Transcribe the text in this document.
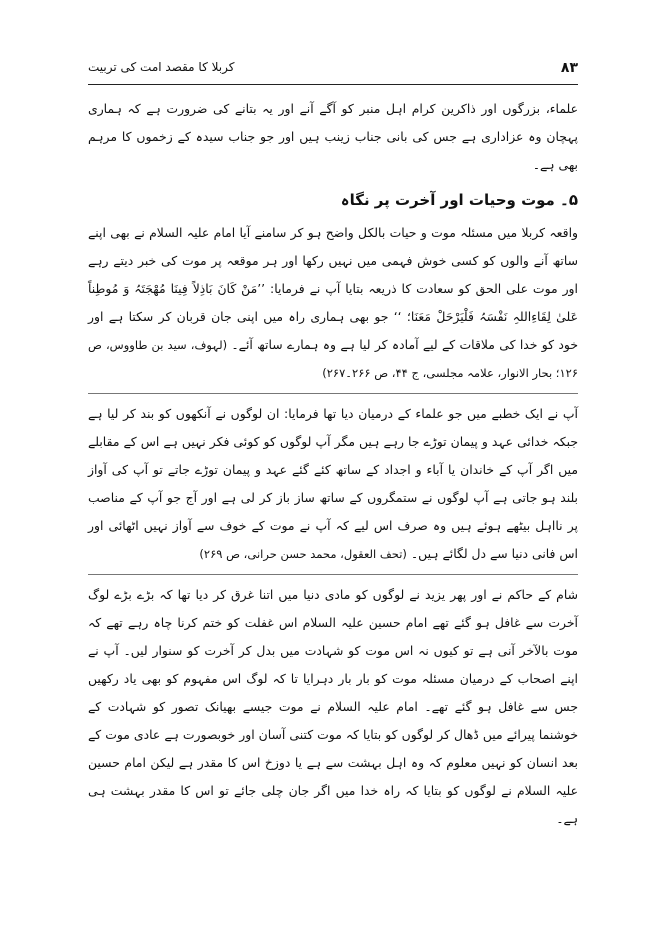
۸۳
کربلا کا مقصد امت کی تربیت

علماء، بزرگوں اور ذاکرین کرام اہل منبر کو آگے آنے اور یہ بتانے کی ضرورت ہے کہ ہماری پہچان وہ عزاداری ہے جس کی بانی جناب زینب ہیں اور جو جناب سیدہ کے زخموں کا مرہم بھی ہے۔

۵۔ موت وحیات اور آخرت پر نگاہ

واقعہ کربلا میں مسئلہ موت و حیات بالکل واضح ہو کر سامنے آیا امام علیہ السلام نے بھی اپنے ساتھ آنے والوں کو کسی خوش فہمی میں نہیں رکھا اور ہر موقعہ پر موت کی خبر دیتے رہے اور موت علی الحق کو سعادت کا ذریعہ بتایا آپ نے فرمایا: ’’مَنْ کَانَ بَاذِلاً فِینَا مُھْجَتَہُ وَ مُوطِناً عَلیٰ لِقَاءِاللہِ نَفْسَہُ فَلْیَرْحَلْ مَعَنَا؛ ‘‘ جو بھی ہماری راہ میں اپنی جان قربان کر سکتا ہے اور خود کو خدا کی ملاقات کے لیے آمادہ کر لیا ہے وہ ہمارے ساتھ آئے۔ (لہوف، سید بن طاووس، ص ۱۲۶؛ بحار الانوار، علامہ مجلسی، ج ۴۴، ص ۲۶۶۔۲۶۷)

آپ نے ایک خطبے میں جو علماء کے درمیان دیا تھا فرمایا: ان لوگوں نے آنکھوں کو بند کر لیا ہے جبکہ خدائی عہد و پیمان توڑے جا رہے ہیں مگر آپ لوگوں کو کوئی فکر نہیں ہے اس کے مقابلے میں اگر آپ کے خاندان یا آباء و اجداد کے ساتھ کئے گئے عہد و پیمان توڑے جاتے تو آپ کی آواز بلند ہو جاتی ہے آپ لوگوں نے ستمگروں کے ساتھ ساز باز کر لی ہے اور آج جو آپ کے مناصب پر نااہل بیٹھے ہوئے ہیں وہ صرف اس لیے کہ آپ نے موت کے خوف سے آواز نہیں اٹھائی اور اس فانی دنیا سے دل لگائے ہیں۔ (تحف العقول، محمد حسن حرانی، ص ۲۶۹)

شام کے حاکم نے اور پھر یزید نے لوگوں کو مادی دنیا میں اتنا غرق کر دیا تھا کہ بڑے بڑے لوگ آخرت سے غافل ہو گئے تھے امام حسین علیہ السلام اس غفلت کو ختم کرنا چاہ رہے تھے کہ موت بالآخر آنی ہے تو کیوں نہ اس موت کو شہادت میں بدل کر آخرت کو سنوار لیں۔ آپ نے اپنے اصحاب کے درمیان مسئلہ موت کو بار بار دہرایا تا کہ لوگ اس مفہوم کو بھی یاد رکھیں جس سے غافل ہو گئے تھے۔ امام علیہ السلام نے موت جیسے بھیانک تصور کو شہادت کے خوشنما پیرائے میں ڈھال کر لوگوں کو بتایا کہ موت کتنی آسان اور خوبصورت ہے عادی موت کے بعد انسان کو نہیں معلوم کہ وہ اہل بہشت سے ہے یا دوزخ اس کا مقدر ہے لیکن امام حسین علیہ السلام نے لوگوں کو بتایا کہ راہ خدا میں اگر جان چلی جائے تو اس کا مقدر بہشت ہی ہے۔
